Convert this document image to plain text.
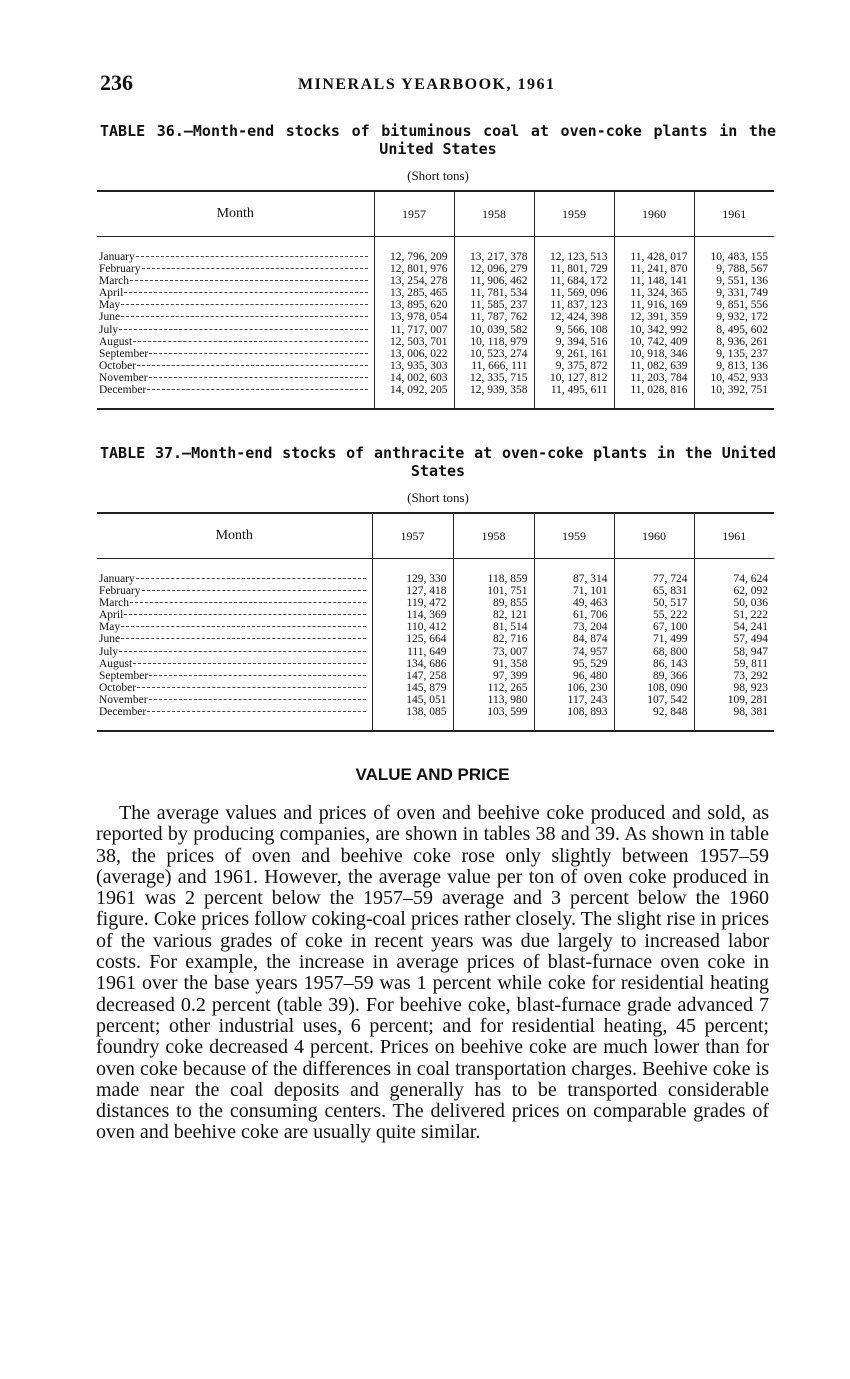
236	MINERALS YEARBOOK, 1961
TABLE 36.—Month-end stocks of bituminous coal at oven-coke plants in the
United States
(Short tons)
Month	1957	1958	1959	1960	1961

January	12, 796, 209	13, 217, 378	12, 123, 513	11, 428, 017	10, 483, 155

February	12, 801, 976	12, 096, 279	11, 801, 729	11, 241, 870	9, 788, 567

March	13, 254, 278	11, 906, 462	11, 684, 172	11, 148, 141	9, 551, 136

April	13, 285, 465	11, 781, 534	11, 569, 096	11, 324, 365	9, 331, 749

May	13, 895, 620	11, 585, 237	11, 837, 123	11, 916, 169	9, 851, 556

June	13, 978, 054	11, 787, 762	12, 424, 398	12, 391, 359	9, 932, 172

July	11, 717, 007	10, 039, 582	9, 566, 108	10, 342, 992	8, 495, 602

August	12, 503, 701	10, 118, 979	9, 394, 516	10, 742, 409	8, 936, 261

September	13, 006, 022	10, 523, 274	9, 261, 161	10, 918, 346	9, 135, 237

October	13, 935, 303	11, 666, 111	9, 375, 872	11, 082, 639	9, 813, 136

November	14, 002, 603	12, 335, 715	10, 127, 812	11, 203, 784	10, 452, 933

December	14, 092, 205	12, 939, 358	11, 495, 611	11, 028, 816	10, 392, 751
TABLE 37.—Month-end stocks of anthracite at oven-coke plants in the United
States
(Short tons)
Month	1957	1958	1959	1960	1961

January	129, 330	118, 859	87, 314	77, 724	74, 624

February	127, 418	101, 751	71, 101	65, 831	62, 092

March	119, 472	89, 855	49, 463	50, 517	50, 036

April	114, 369	82, 121	61, 706	55, 222	51, 222

May	110, 412	81, 514	73, 204	67, 100	54, 241

June	125, 664	82, 716	84, 874	71, 499	57, 494

July	111, 649	73, 007	74, 957	68, 800	58, 947

August	134, 686	91, 358	95, 529	86, 143	59, 811

September	147, 258	97, 399	96, 480	89, 366	73, 292

October	145, 879	112, 265	106, 230	108, 090	98, 923

November	145, 051	113, 980	117, 243	107, 542	109, 281

December	138, 085	103, 599	108, 893	92, 848	98, 381
VALUE AND PRICE

The average values and prices of oven and beehive coke produced and sold, as reported by producing companies, are shown in tables 38 and 39. As shown in table 38, the prices of oven and beehive coke rose only slightly between 1957–59 (average) and 1961. However, the average value per ton of oven coke produced in 1961 was 2 percent below the 1957–59 average and 3 percent below the 1960 figure. Coke prices follow coking-coal prices rather closely. The slight rise in prices of the various grades of coke in recent years was due largely to increased labor costs. For example, the increase in average prices of blast-furnace oven coke in 1961 over the base years 1957–59 was 1 percent while coke for residential heating decreased 0.2 percent (table 39). For beehive coke, blast-furnace grade advanced 7 percent; other industrial uses, 6 percent; and for residential heating, 45 percent; foundry coke decreased 4 percent. Prices on beehive coke are much lower than for oven coke because of the differences in coal transportation charges. Beehive coke is made near the coal deposits and generally has to be transported considerable distances to the consuming centers. The delivered prices on comparable grades of oven and beehive coke are usually quite similar.
